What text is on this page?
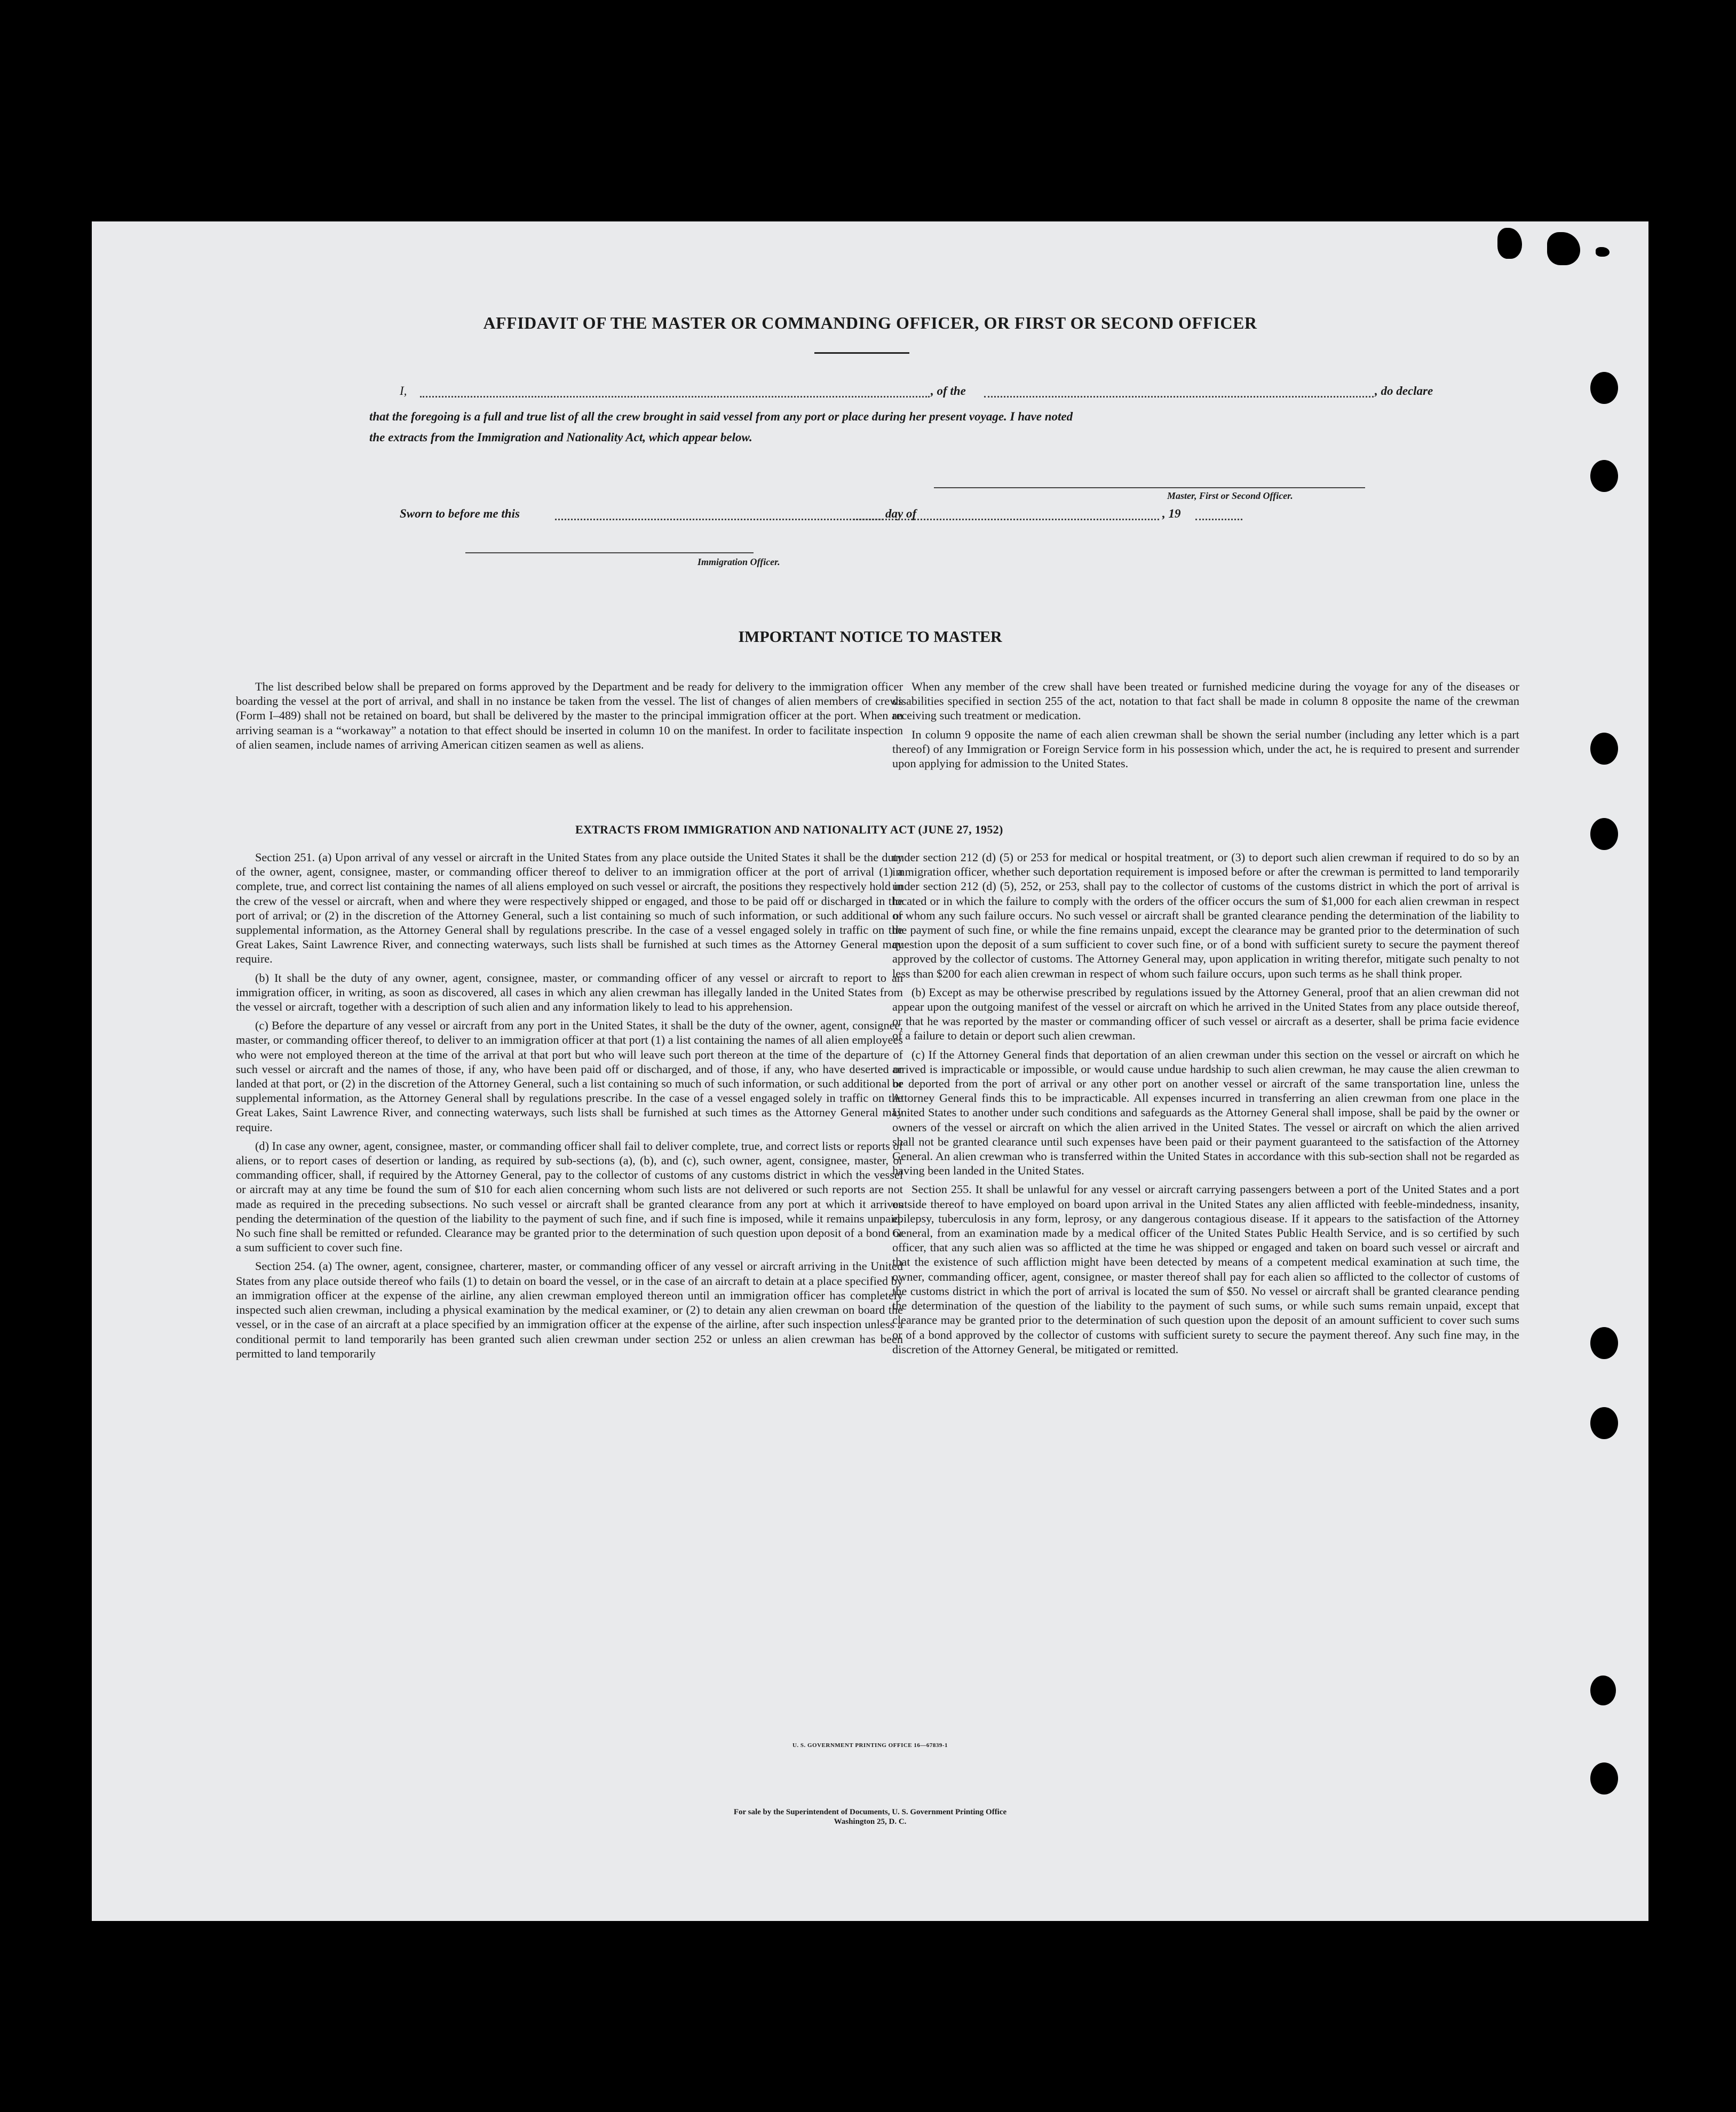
AFFIDAVIT OF THE MASTER OR COMMANDING OFFICER, OR FIRST OR SECOND OFFICER
I,	, of the	, do declare
that the foregoing is a full and true list of all the crew brought in said vessel from any port or place during her present voyage. I have noted
the extracts from the Immigration and Nationality Act, which appear below.
Master, First or Second Officer.
Sworn to before me this	day of	, 19
Immigration Officer.
IMPORTANT NOTICE TO MASTER

The list described below shall be prepared on forms approved by the Department and be ready for delivery to the immigration officer boarding the vessel at the port of arrival, and shall in no instance be taken from the vessel. The list of changes of alien members of crews (Form I–489) shall not be retained on board, but shall be delivered by the master to the principal immigration officer at the port. When an arriving seaman is a “workaway” a notation to that effect should be inserted in column 10 on the manifest. In order to facilitate inspection of alien seamen, include names of arriving American citizen seamen as well as aliens.

When any member of the crew shall have been treated or furnished medicine during the voyage for any of the diseases or disabilities specified in section 255 of the act, notation to that fact shall be made in column 8 opposite the name of the crewman receiving such treatment or medication.

In column 9 opposite the name of each alien crewman shall be shown the serial number (including any letter which is a part thereof) of any Immigration or Foreign Service form in his possession which, under the act, he is required to present and surrender upon applying for admission to the United States.

EXTRACTS FROM IMMIGRATION AND NATIONALITY ACT (JUNE 27, 1952)

Section 251. (a) Upon arrival of any vessel or aircraft in the United States from any place outside the United States it shall be the duty of the owner, agent, consignee, master, or commanding officer thereof to deliver to an immigration officer at the port of arrival (1) a complete, true, and correct list containing the names of all aliens employed on such vessel or aircraft, the positions they respectively hold in the crew of the vessel or aircraft, when and where they were respectively shipped or engaged, and those to be paid off or discharged in the port of arrival; or (2) in the discretion of the Attorney General, such a list containing so much of such information, or such additional or supplemental information, as the Attorney General shall by regulations prescribe. In the case of a vessel engaged solely in traffic on the Great Lakes, Saint Lawrence River, and connecting waterways, such lists shall be furnished at such times as the Attorney General may require.

(b) It shall be the duty of any owner, agent, consignee, master, or commanding officer of any vessel or aircraft to report to an immigration officer, in writing, as soon as discovered, all cases in which any alien crewman has illegally landed in the United States from the vessel or aircraft, together with a description of such alien and any information likely to lead to his apprehension.

(c) Before the departure of any vessel or aircraft from any port in the United States, it shall be the duty of the owner, agent, consignee, master, or commanding officer thereof, to deliver to an immigration officer at that port (1) a list containing the names of all alien employees who were not employed thereon at the time of the arrival at that port but who will leave such port thereon at the time of the departure of such vessel or aircraft and the names of those, if any, who have been paid off or discharged, and of those, if any, who have deserted or landed at that port, or (2) in the discretion of the Attorney General, such a list containing so much of such information, or such additional or supplemental information, as the Attorney General shall by regulations prescribe. In the case of a vessel engaged solely in traffic on the Great Lakes, Saint Lawrence River, and connecting waterways, such lists shall be furnished at such times as the Attorney General may require.

(d) In case any owner, agent, consignee, master, or commanding officer shall fail to deliver complete, true, and correct lists or reports of aliens, or to report cases of desertion or landing, as required by sub-sections (a), (b), and (c), such owner, agent, consignee, master, or commanding officer, shall, if required by the Attorney General, pay to the collector of customs of any customs district in which the vessel or aircraft may at any time be found the sum of $10 for each alien concerning whom such lists are not delivered or such reports are not made as required in the preceding subsections. No such vessel or aircraft shall be granted clearance from any port at which it arrives pending the determination of the question of the liability to the payment of such fine, and if such fine is imposed, while it remains unpaid. No such fine shall be remitted or refunded. Clearance may be granted prior to the determination of such question upon deposit of a bond or a sum sufficient to cover such fine.

Section 254. (a) The owner, agent, consignee, charterer, master, or commanding officer of any vessel or aircraft arriving in the United States from any place outside thereof who fails (1) to detain on board the vessel, or in the case of an aircraft to detain at a place specified by an immigration officer at the expense of the airline, any alien crewman employed thereon until an immigration officer has completely inspected such alien crewman, including a physical examination by the medical examiner, or (2) to detain any alien crewman on board the vessel, or in the case of an aircraft at a place specified by an immigration officer at the expense of the airline, after such inspection unless a conditional permit to land temporarily has been granted such alien crewman under section 252 or unless an alien crewman has been permitted to land temporarily

under section 212 (d) (5) or 253 for medical or hospital treatment, or (3) to deport such alien crewman if required to do so by an immigration officer, whether such deportation requirement is imposed before or after the crewman is permitted to land temporarily under section 212 (d) (5), 252, or 253, shall pay to the collector of customs of the customs district in which the port of arrival is located or in which the failure to comply with the orders of the officer occurs the sum of $1,000 for each alien crewman in respect of whom any such failure occurs. No such vessel or aircraft shall be granted clearance pending the determination of the liability to the payment of such fine, or while the fine remains unpaid, except the clearance may be granted prior to the determination of such question upon the deposit of a sum sufficient to cover such fine, or of a bond with sufficient surety to secure the payment thereof approved by the collector of customs. The Attorney General may, upon application in writing therefor, mitigate such penalty to not less than $200 for each alien crewman in respect of whom such failure occurs, upon such terms as he shall think proper.

(b) Except as may be otherwise prescribed by regulations issued by the Attorney General, proof that an alien crewman did not appear upon the outgoing manifest of the vessel or aircraft on which he arrived in the United States from any place outside thereof, or that he was reported by the master or commanding officer of such vessel or aircraft as a deserter, shall be prima facie evidence of a failure to detain or deport such alien crewman.

(c) If the Attorney General finds that deportation of an alien crewman under this section on the vessel or aircraft on which he arrived is impracticable or impossible, or would cause undue hardship to such alien crewman, he may cause the alien crewman to be deported from the port of arrival or any other port on another vessel or aircraft of the same transportation line, unless the Attorney General finds this to be impracticable. All expenses incurred in transferring an alien crewman from one place in the United States to another under such conditions and safeguards as the Attorney General shall impose, shall be paid by the owner or owners of the vessel or aircraft on which the alien arrived in the United States. The vessel or aircraft on which the alien arrived shall not be granted clearance until such expenses have been paid or their payment guaranteed to the satisfaction of the Attorney General. An alien crewman who is transferred within the United States in accordance with this sub-section shall not be regarded as having been landed in the United States.

Section 255. It shall be unlawful for any vessel or aircraft carrying passengers between a port of the United States and a port outside thereof to have employed on board upon arrival in the United States any alien afflicted with feeble-mindedness, insanity, epilepsy, tuberculosis in any form, leprosy, or any dangerous contagious disease. If it appears to the satisfaction of the Attorney General, from an examination made by a medical officer of the United States Public Health Service, and is so certified by such officer, that any such alien was so afflicted at the time he was shipped or engaged and taken on board such vessel or aircraft and that the existence of such affliction might have been detected by means of a competent medical examination at such time, the owner, commanding officer, agent, consignee, or master thereof shall pay for each alien so afflicted to the collector of customs of the customs district in which the port of arrival is located the sum of $50. No vessel or aircraft shall be granted clearance pending the determination of the question of the liability to the payment of such sums, or while such sums remain unpaid, except that clearance may be granted prior to the determination of such question upon the deposit of an amount sufficient to cover such sums or of a bond approved by the collector of customs with sufficient surety to secure the payment thereof. Any such fine may, in the discretion of the Attorney General, be mitigated or remitted.

U. S. GOVERNMENT PRINTING OFFICE 16—67839-1
For sale by the Superintendent of Documents, U. S. Government Printing Office
Washington 25, D. C.
